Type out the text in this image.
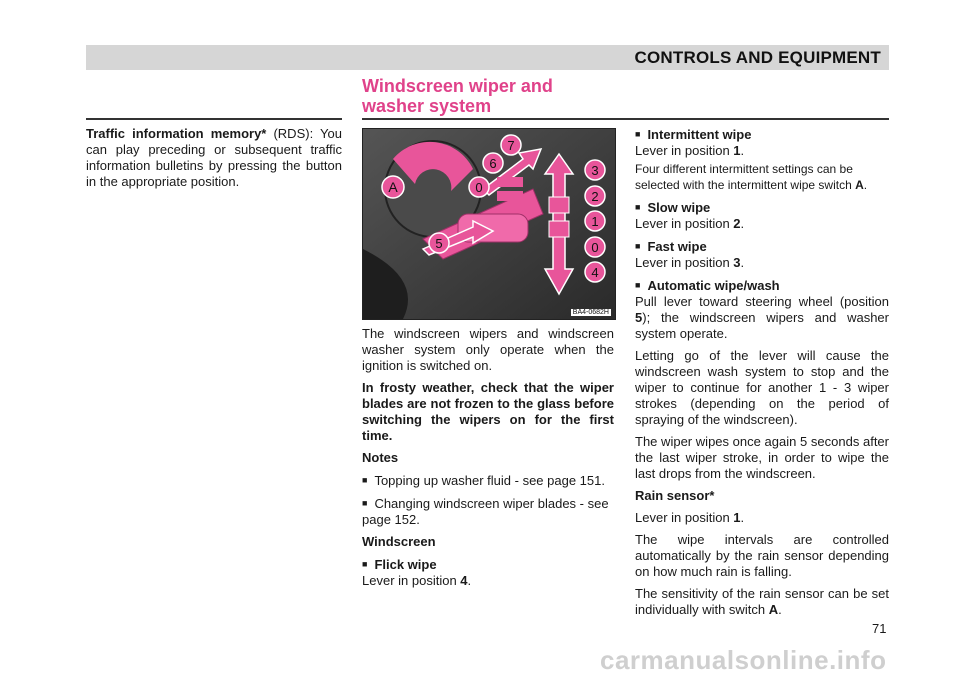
CONTROLS AND EQUIPMENT
Windscreen wiper and
washer system

Traffic information memory* (RDS): You can play preceding or subsequent traffic information bulletins by pressing the button in the appropriate position.	A	0
6
7
5
3
2
1
0
4
BA4-0682H

The windscreen wipers and windscreen washer system only operate when the ignition is switched on.

In frosty weather, check that the wiper blades are not frozen to the glass before switching the wipers on for the first time.

Notes

■ Topping up washer fluid - see page 151.

■ Changing windscreen wiper blades - see page 152.

Windscreen

■ Flick wipe
Lever in position 4.

■ Intermittent wipe
Lever in position 1.

Four different intermittent settings can be selected with the intermittent wipe switch A.

■ Slow wipe
Lever in position 2.

■ Fast wipe
Lever in position 3.

■ Automatic wipe/wash
Pull lever toward steering wheel (position 5); the windscreen wipers and washer system operate.

Letting go of the lever will cause the windscreen wash system to stop and the wiper to continue for another 1 - 3 wiper strokes (depending on the period of spraying of the windscreen).

The wiper wipes once again 5 seconds after the last wiper stroke, in order to wipe the last drops from the windscreen.

Rain sensor*

Lever in position 1.

The wipe intervals are controlled automatically by the rain sensor depending on how much rain is falling.

The sensitivity of the rain sensor can be set individually with switch A.

71
carmanualsonline.info
